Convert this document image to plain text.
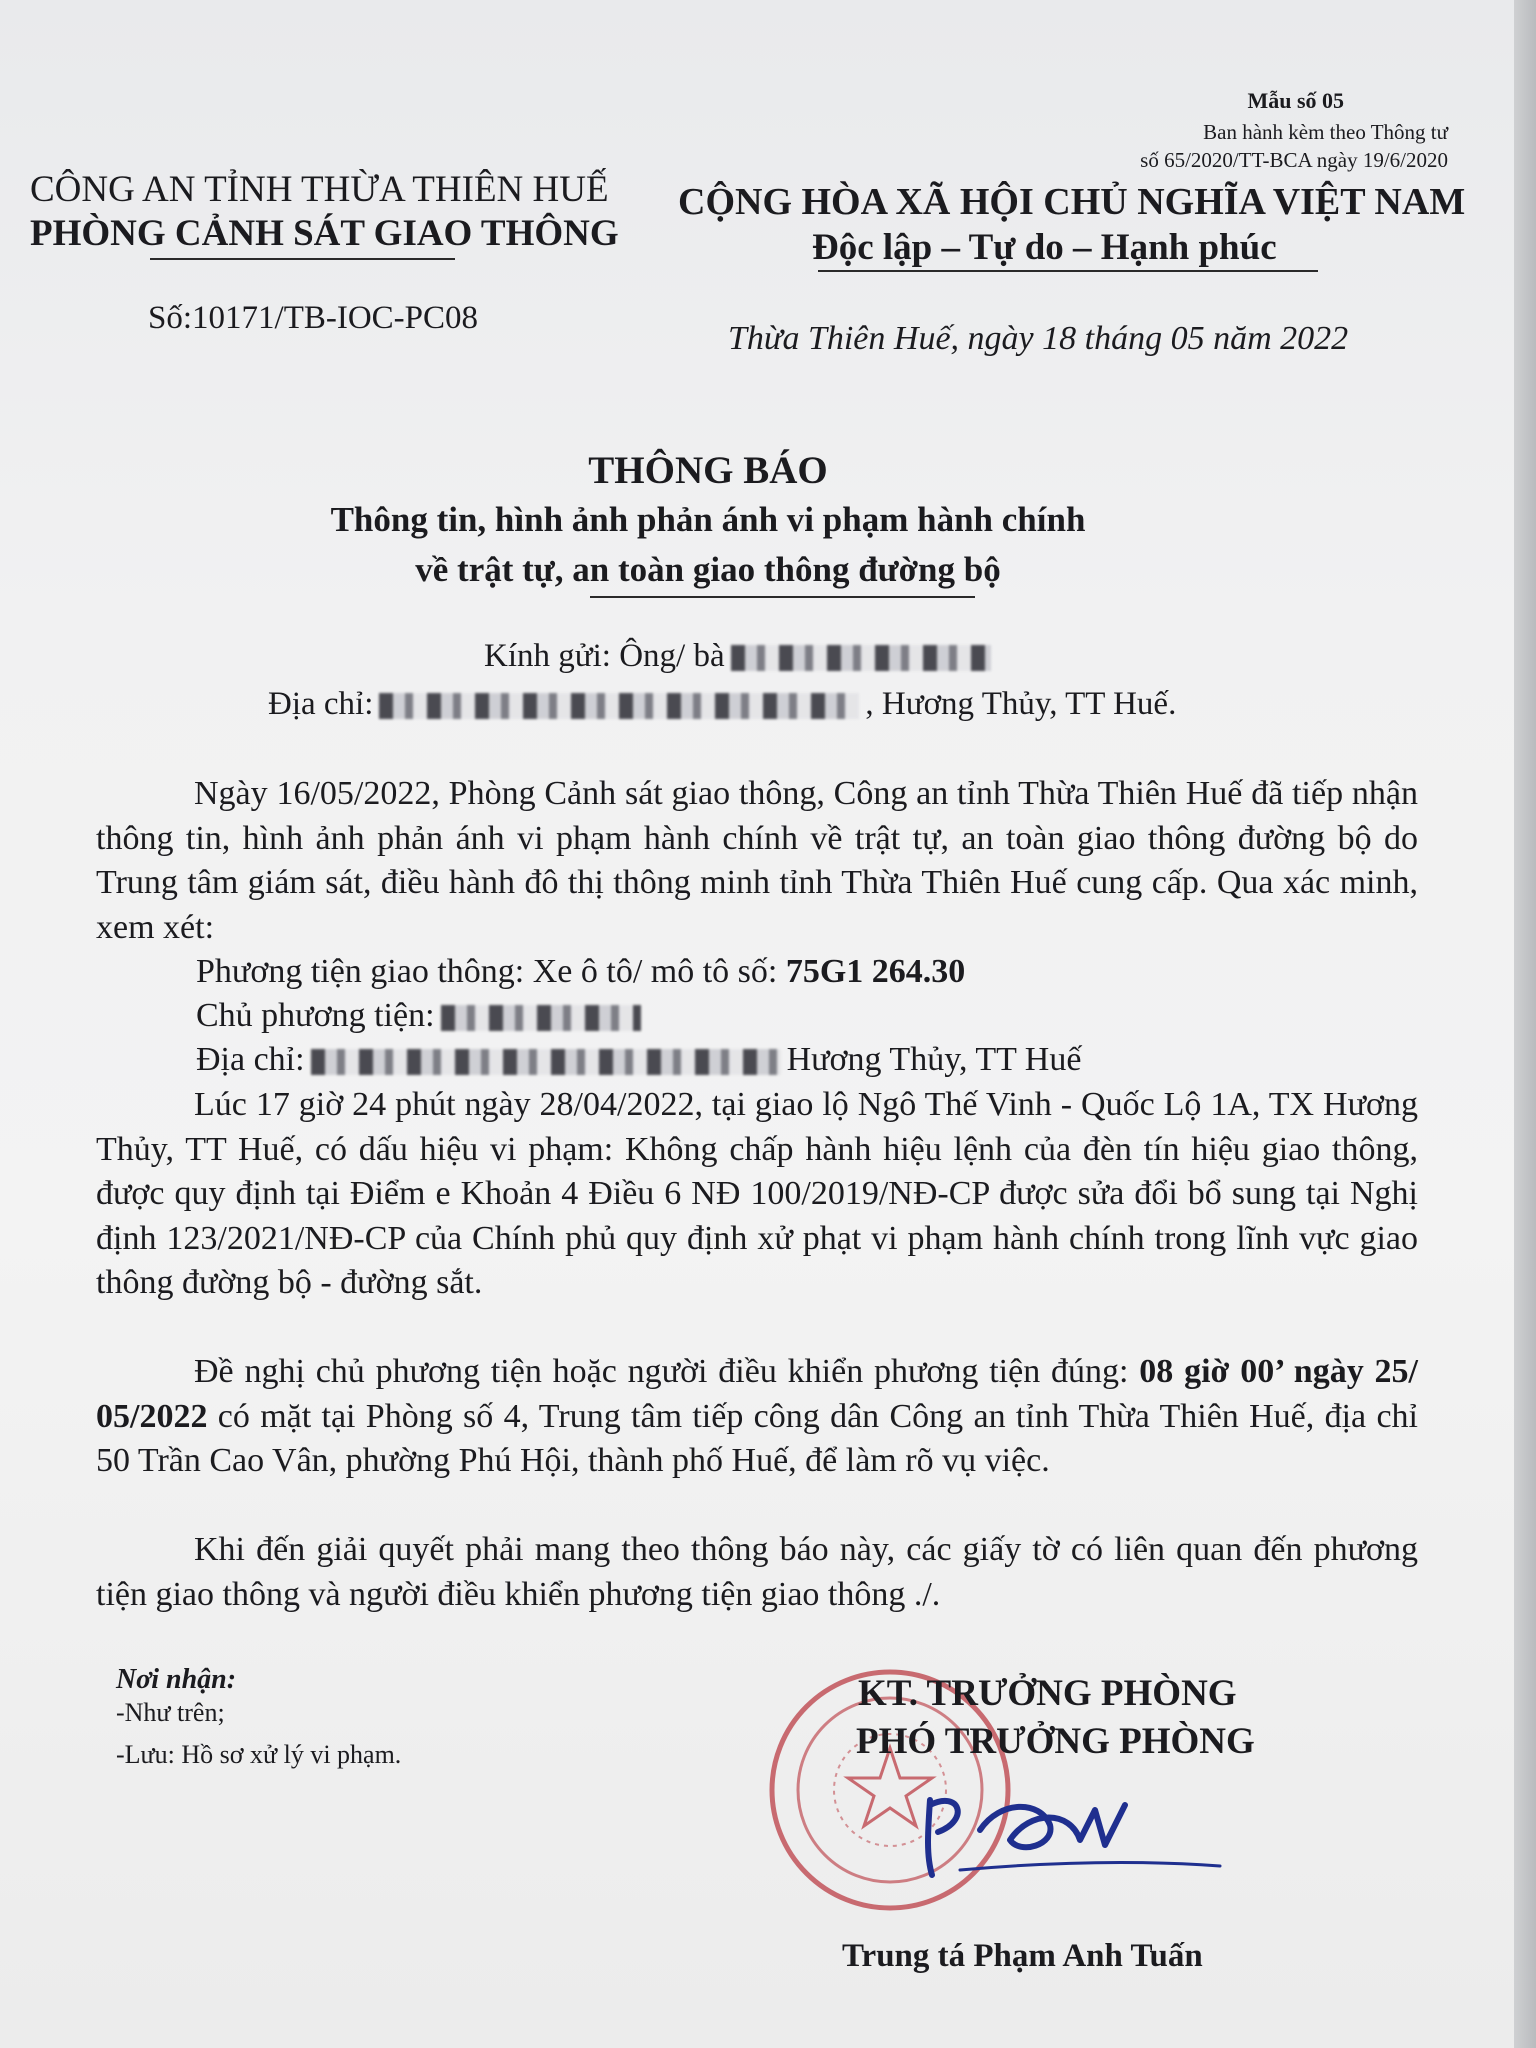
Mẫu số 05
Ban hành kèm theo Thông tư
số 65/2020/TT-BCA ngày 19/6/2020
CÔNG AN TỈNH THỪA THIÊN HUẾ
PHÒNG CẢNH SÁT GIAO THÔNG
CỘNG HÒA XÃ HỘI CHỦ NGHĨA VIỆT NAM
Độc lập – Tự do – Hạnh phúc
Số:10171/TB-IOC-PC08
Thừa Thiên Huế, ngày 18 tháng 05 năm 2022
THÔNG BÁO
Thông tin, hình ảnh phản ánh vi phạm hành chính
về trật tự, an toàn giao thông đường bộ
Kính gửi: Ông/ bà
Địa chỉ:	, Hương Thủy, TT Huế.
Ngày 16/05/2022, Phòng Cảnh sát giao thông, Công an tỉnh Thừa Thiên Huế đã tiếp nhận thông tin, hình ảnh phản ánh vi phạm hành chính về trật tự, an toàn giao thông đường bộ do Trung tâm giám sát, điều hành đô thị thông minh tỉnh Thừa Thiên Huế cung cấp. Qua xác minh, xem xét:
Phương tiện giao thông: Xe ô tô/ mô tô số: 75G1 264.30
Chủ phương tiện:
Địa chỉ:	Hương Thủy, TT Huế
Lúc 17 giờ 24 phút ngày 28/04/2022, tại giao lộ Ngô Thế Vinh - Quốc Lộ 1A, TX Hương Thủy, TT Huế, có dấu hiệu vi phạm: Không chấp hành hiệu lệnh của đèn tín hiệu giao thông, được quy định tại Điểm e Khoản 4 Điều 6 NĐ 100/2019/NĐ-CP được sửa đổi bổ sung tại Nghị định 123/2021/NĐ-CP của Chính phủ quy định xử phạt vi phạm hành chính trong lĩnh vực giao thông đường bộ - đường sắt.
Đề nghị chủ phương tiện hoặc người điều khiển phương tiện đúng: 08 giờ 00’ ngày 25/ 05/2022 có mặt tại Phòng số 4, Trung tâm tiếp công dân Công an tỉnh Thừa Thiên Huế, địa chỉ 50 Trần Cao Vân, phường Phú Hội, thành phố Huế, để làm rõ vụ việc.
Khi đến giải quyết phải mang theo thông báo này, các giấy tờ có liên quan đến phương tiện giao thông và người điều khiển phương tiện giao thông ./.
Nơi nhận:
-Như trên;
-Lưu: Hồ sơ xử lý vi phạm.
KT. TRƯỞNG PHÒNG
PHÓ TRƯỞNG PHÒNG
Trung tá Phạm Anh Tuấn
